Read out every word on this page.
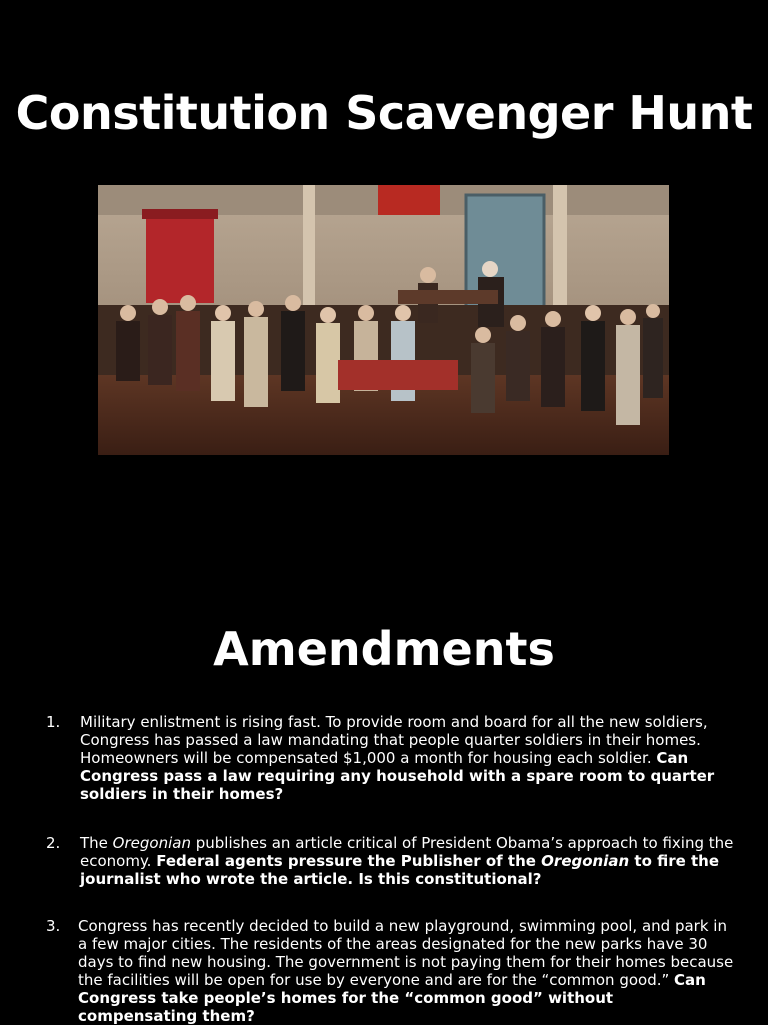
Constitution Scavenger Hunt
Amendments
1. Military enlistment is rising fast. To provide room and board for all the new soldiers, Congress has passed a law mandating that people quarter soldiers in their homes. Homeowners will be compensated $1,000 a month for housing each soldier. Can Congress pass a law requiring any household with a spare room to quarter soldiers in their homes?
2. The Oregonian publishes an article critical of President Obama’s approach to fixing the economy. Federal agents pressure the Publisher of the Oregonian to fire the journalist who wrote the article. Is this constitutional?
3. Congress has recently decided to build a new playground, swimming pool, and park in a few major cities. The residents of the areas designated for the new parks have 30 days to find new housing. The government is not paying them for their homes because the facilities will be open for use by everyone and are for the “common good.” Can Congress take people’s homes for the “common good” without compensating them?
